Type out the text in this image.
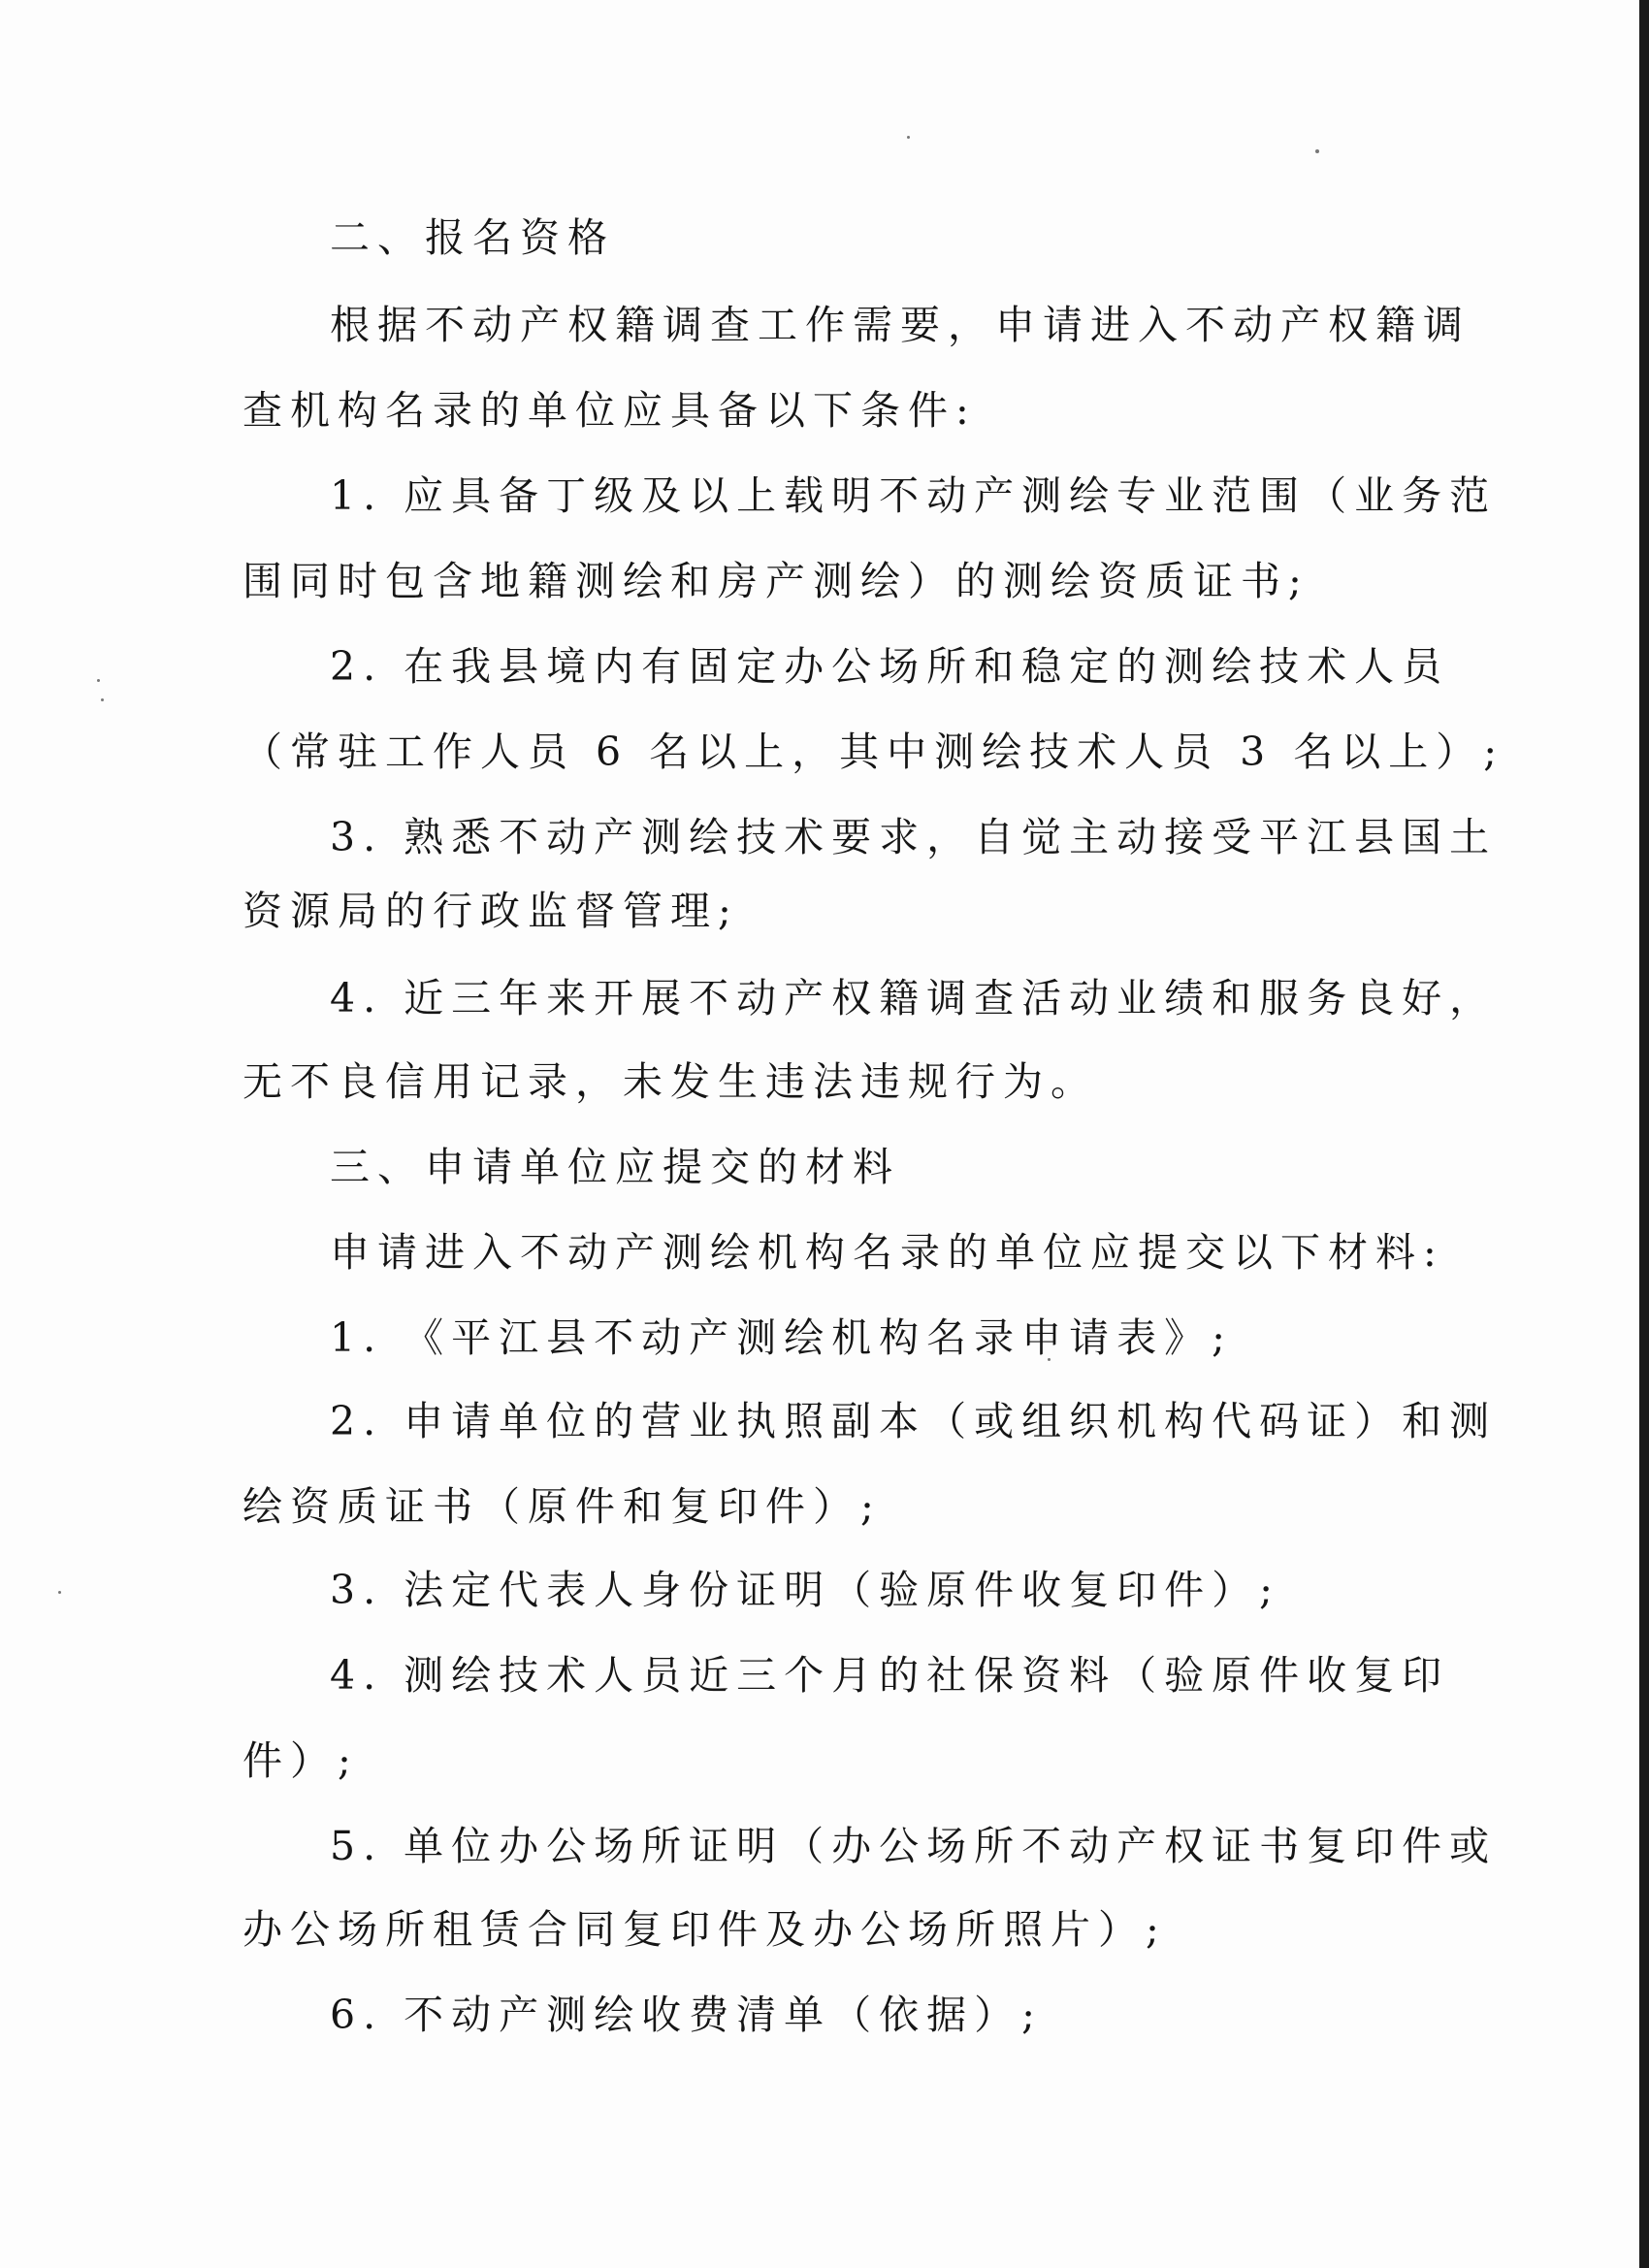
二、报名资格
根据不动产权籍调查工作需要，申请进入不动产权籍调
查机构名录的单位应具备以下条件:
1. 应具备丁级及以上载明不动产测绘专业范围（业务范
围同时包含地籍测绘和房产测绘）的测绘资质证书;
2. 在我县境内有固定办公场所和稳定的测绘技术人员
（常驻工作人员 6 名以上，其中测绘技术人员 3 名以上）;
3. 熟悉不动产测绘技术要求，自觉主动接受平江县国土
资源局的行政监督管理;
4. 近三年来开展不动产权籍调查活动业绩和服务良好，
无不良信用记录，未发生违法违规行为。
三、申请单位应提交的材料
申请进入不动产测绘机构名录的单位应提交以下材料:
1. 《平江县不动产测绘机构名录申请表》;
2. 申请单位的营业执照副本（或组织机构代码证）和测
绘资质证书（原件和复印件）;
3. 法定代表人身份证明（验原件收复印件）;
4. 测绘技术人员近三个月的社保资料（验原件收复印
件）;
5. 单位办公场所证明（办公场所不动产权证书复印件或
办公场所租赁合同复印件及办公场所照片）;
6. 不动产测绘收费清单（依据）;
